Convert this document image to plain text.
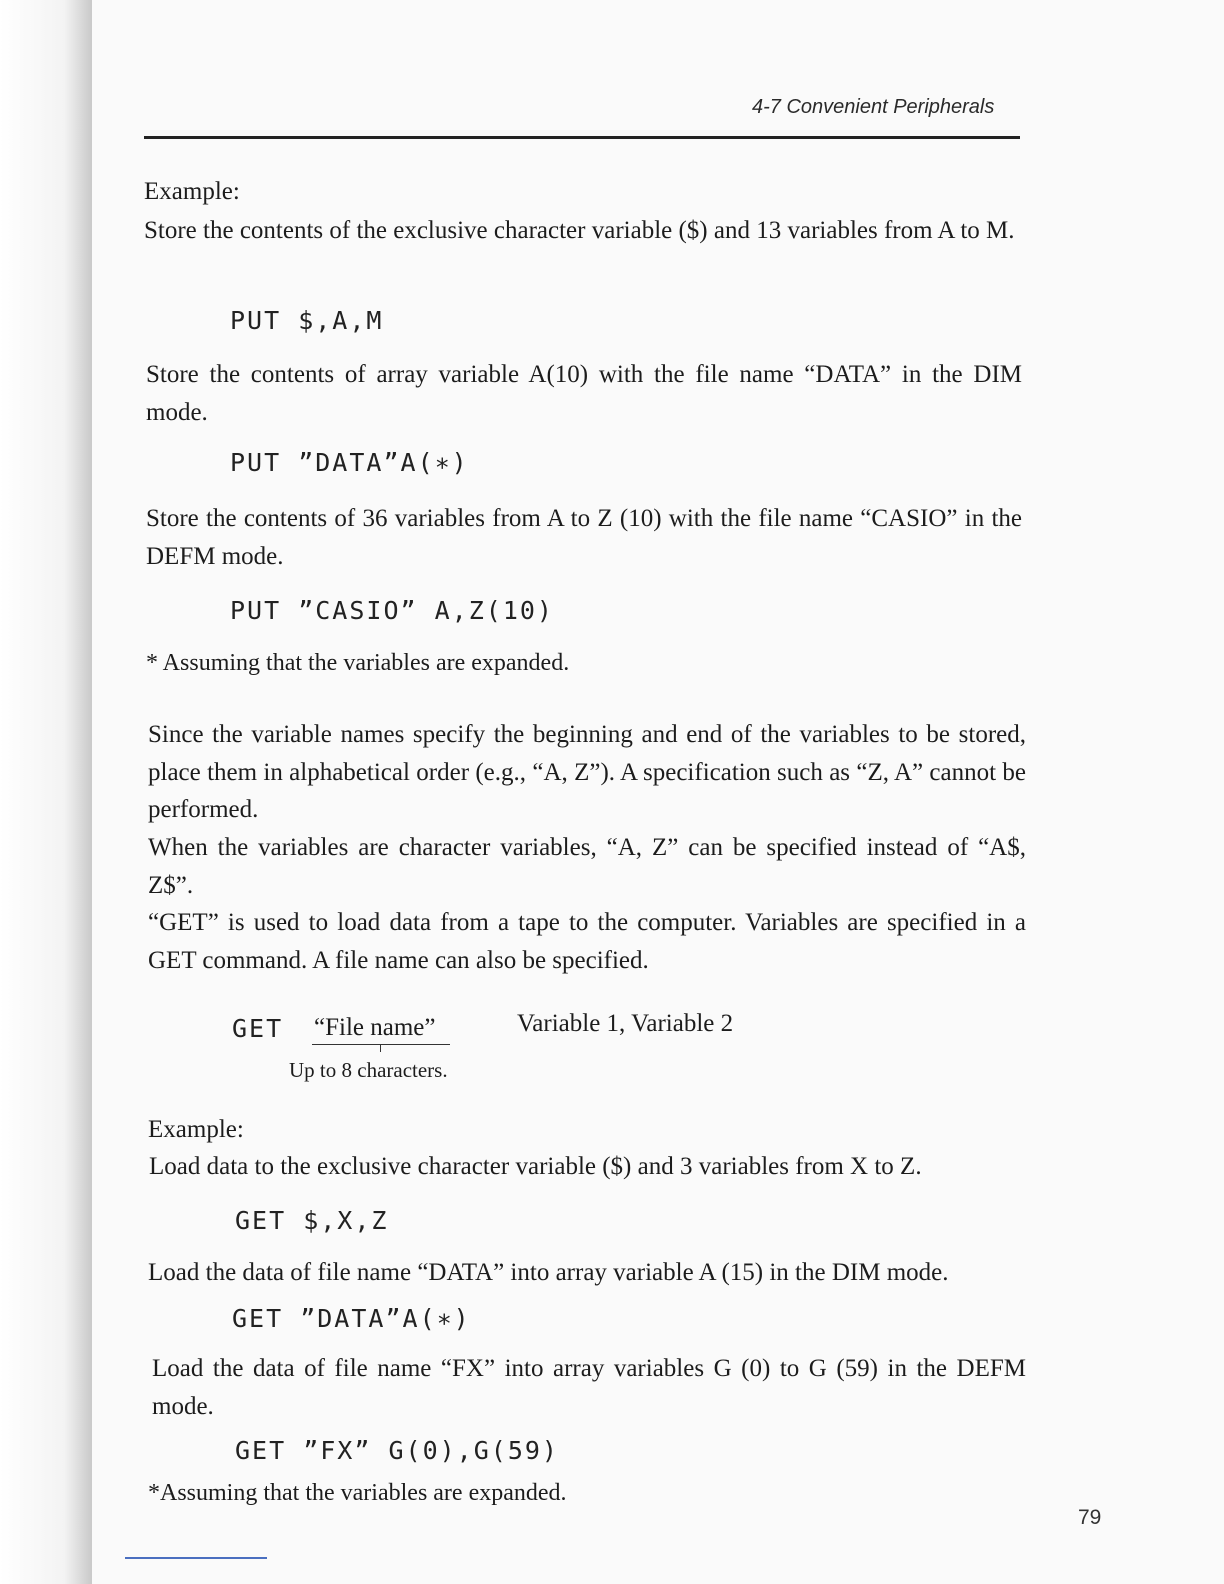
4-7 Convenient Peripherals
Example:
Store the contents of the exclusive character variable ($) and 13 variables from A to M.
PUT $,A,M
Store the contents of array variable A(10) with the file name “DATA” in the DIM mode.
PUT ”DATA”A(∗)
Store the contents of 36 variables from A to Z (10) with the file name “CASIO” in the DEFM mode.
PUT ”CASIO” A,Z(10)
* Assuming that the variables are expanded.
Since the variable names specify the beginning and end of the variables to be stored, place them in alphabetical order (e.g., “A, Z”). A specification such as “Z, A” cannot be performed.
When the variables are character variables, “A, Z” can be specified instead of “A$, Z$”.
“GET” is used to load data from a tape to the computer. Variables are specified in a GET command. A file name can also be specified.
GET “File name”	Variable 1, Variable 2
Up to 8 characters.
Example:
Load data to the exclusive character variable ($) and 3 variables from X to Z.
GET $,X,Z
Load the data of file name “DATA” into array variable A (15) in the DIM mode.
GET ”DATA”A(∗)
Load the data of file name “FX” into array variables G (0) to G (59) in the DEFM mode.
GET ”FX” G(0),G(59)
*Assuming that the variables are expanded.
79
